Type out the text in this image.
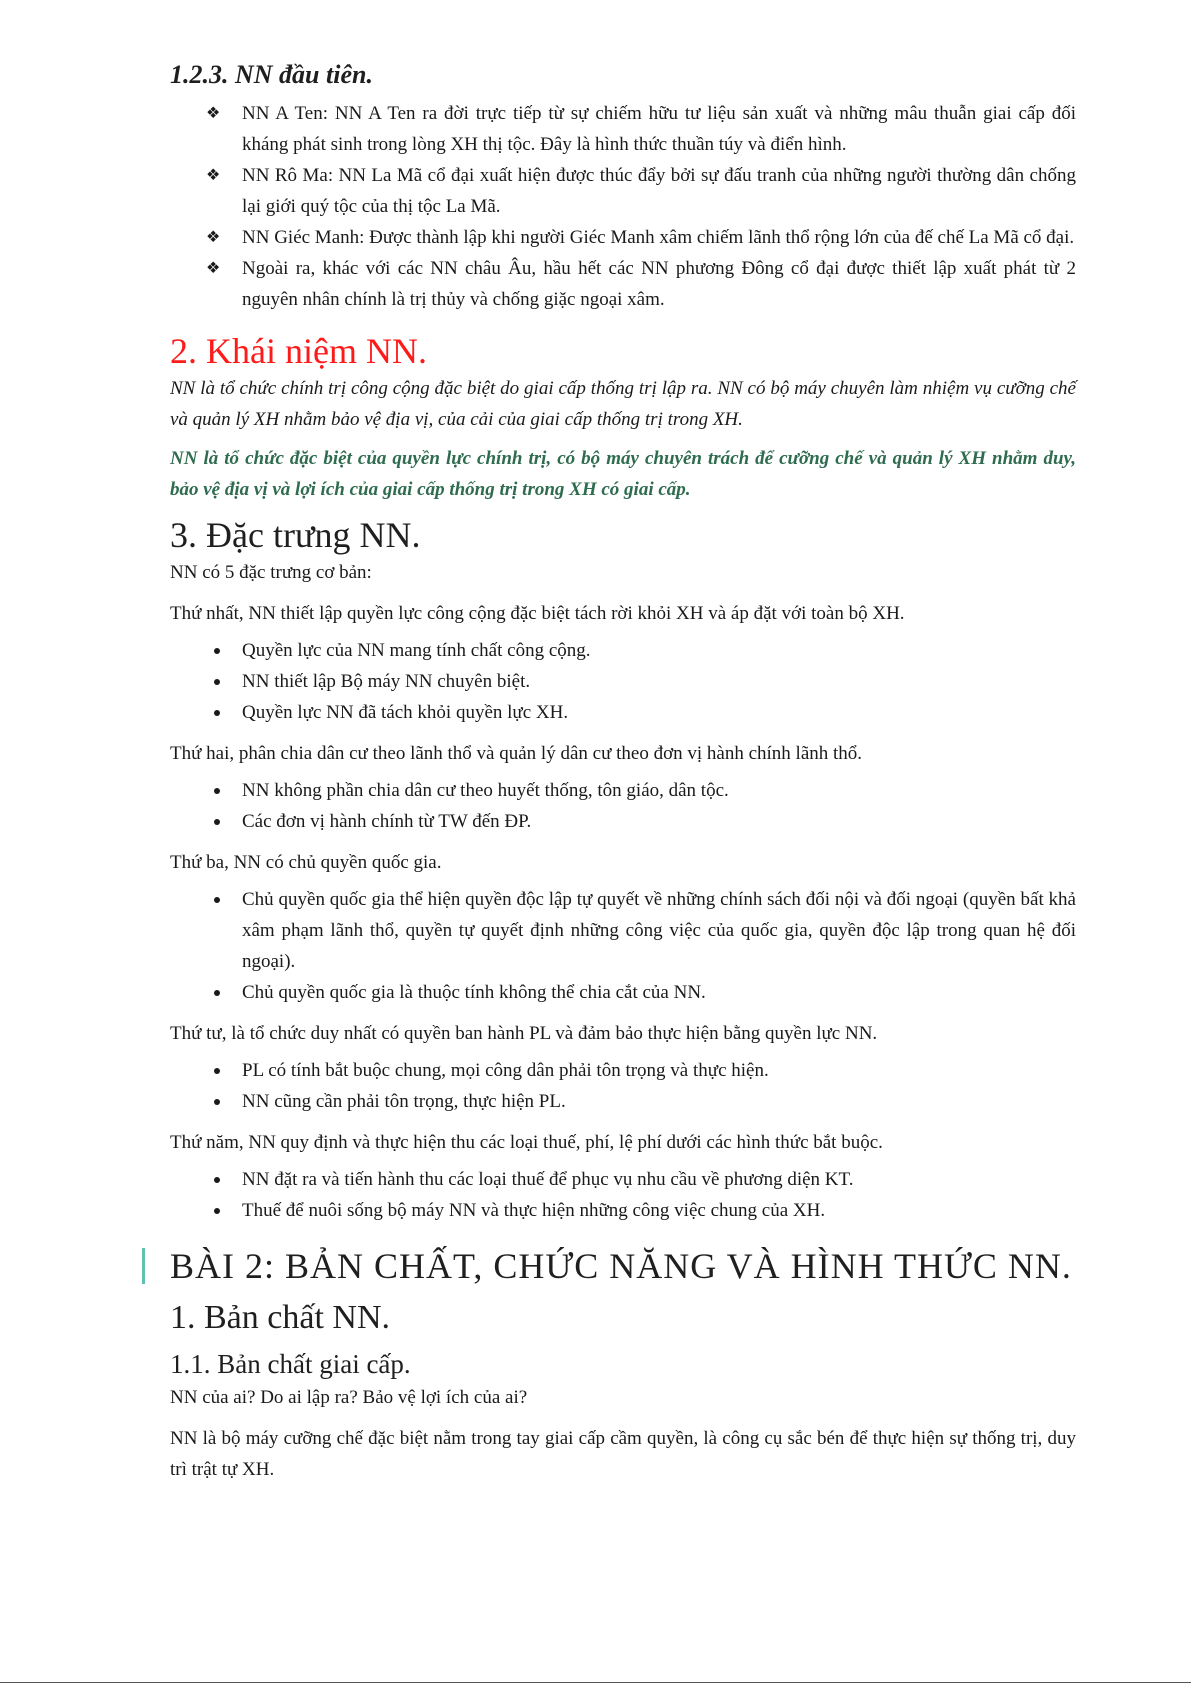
1.2.3. NN đầu tiên.
❖ NN A Ten: NN A Ten ra đời trực tiếp từ sự chiếm hữu tư liệu sản xuất và những mâu thuẫn giai cấp đối kháng phát sinh trong lòng XH thị tộc. Đây là hình thức thuần túy và điển hình.
❖ NN Rô Ma: NN La Mã cổ đại xuất hiện được thúc đẩy bởi sự đấu tranh của những người thường dân chống lại giới quý tộc của thị tộc La Mã.
❖ NN Giéc Manh: Được thành lập khi người Giéc Manh xâm chiếm lãnh thổ rộng lớn của đế chế La Mã cổ đại.
❖ Ngoài ra, khác với các NN châu Âu, hầu hết các NN phương Đông cổ đại được thiết lập xuất phát từ 2 nguyên nhân chính là trị thủy và chống giặc ngoại xâm.
2. Khái niệm NN.

NN là tổ chức chính trị công cộng đặc biệt do giai cấp thống trị lập ra. NN có bộ máy chuyên làm nhiệm vụ cưỡng chế và quản lý XH nhằm bảo vệ địa vị, của cải của giai cấp thống trị trong XH.

NN là tổ chức đặc biệt của quyền lực chính trị, có bộ máy chuyên trách để cưỡng chế và quản lý XH nhằm duy, bảo vệ địa vị và lợi ích của giai cấp thống trị trong XH có giai cấp.

3. Đặc trưng NN.

NN có 5 đặc trưng cơ bản:

Thứ nhất, NN thiết lập quyền lực công cộng đặc biệt tách rời khỏi XH và áp đặt với toàn bộ XH.

Quyền lực của NN mang tính chất công cộng.
NN thiết lập Bộ máy NN chuyên biệt.
Quyền lực NN đã tách khỏi quyền lực XH.

Thứ hai, phân chia dân cư theo lãnh thổ và quản lý dân cư theo đơn vị hành chính lãnh thổ.

NN không phần chia dân cư theo huyết thống, tôn giáo, dân tộc.
Các đơn vị hành chính từ TW đến ĐP.

Thứ ba, NN có chủ quyền quốc gia.

Chủ quyền quốc gia thể hiện quyền độc lập tự quyết về những chính sách đối nội và đối ngoại (quyền bất khả xâm phạm lãnh thổ, quyền tự quyết định những công việc của quốc gia, quyền độc lập trong quan hệ đối ngoại).
Chủ quyền quốc gia là thuộc tính không thể chia cắt của NN.

Thứ tư, là tổ chức duy nhất có quyền ban hành PL và đảm bảo thực hiện bằng quyền lực NN.

PL có tính bắt buộc chung, mọi công dân phải tôn trọng và thực hiện.
NN cũng cần phải tôn trọng, thực hiện PL.

Thứ năm, NN quy định và thực hiện thu các loại thuế, phí, lệ phí dưới các hình thức bắt buộc.

NN đặt ra và tiến hành thu các loại thuế để phục vụ nhu cầu về phương diện KT.
Thuế để nuôi sống bộ máy NN và thực hiện những công việc chung của XH.
BÀI 2: BẢN CHẤT, CHỨC NĂNG VÀ HÌNH THỨC NN.
1. Bản chất NN.
1.1. Bản chất giai cấp.

NN của ai? Do ai lập ra? Bảo vệ lợi ích của ai?

NN là bộ máy cưỡng chế đặc biệt nằm trong tay giai cấp cầm quyền, là công cụ sắc bén để thực hiện sự thống trị, duy trì trật tự XH.
